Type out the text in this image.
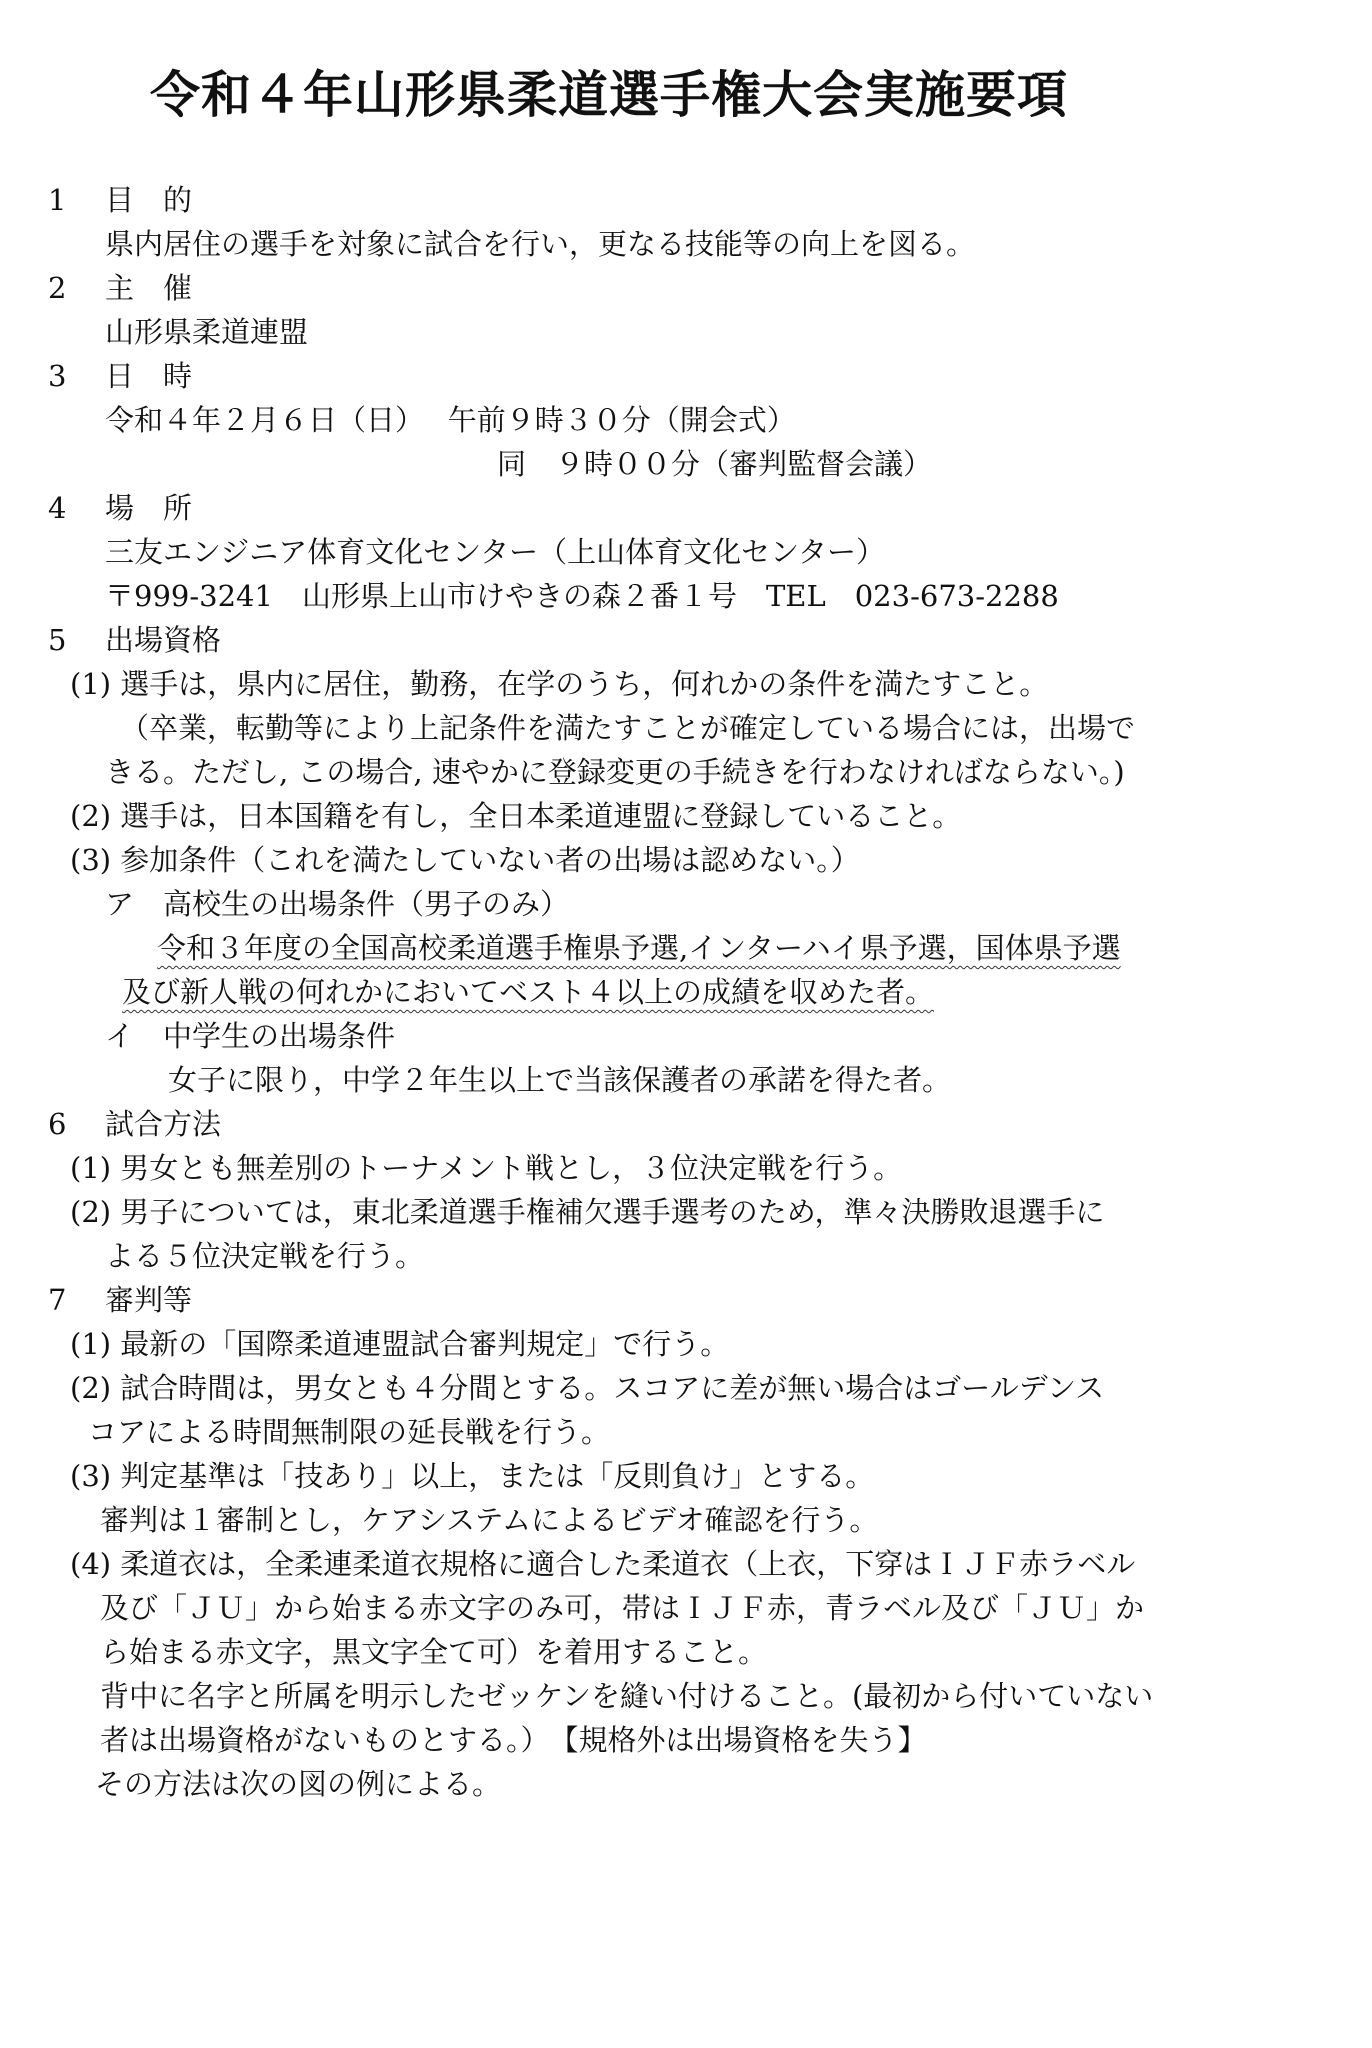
令和４年山形県柔道選手権大会実施要項
1 目　的
県内居住の選手を対象に試合を行い，更なる技能等の向上を図る。
2 主　催
山形県柔道連盟
3 日　時
令和４年２月６日（日）　 午前９時３０分（開会式）
同　９時００分（審判監督会議）
4 場　所
三友エンジニア体育文化センター（上山体育文化センター）
〒999-3241　山形県上山市けやきの森２番１号　TEL　023-673-2288
5 出場資格
(1) 選手は，県内に居住，勤務，在学のうち，何れかの条件を満たすこと。
（卒業，転勤等により上記条件を満たすことが確定している場合には，出場で
きる。ただし, この場合, 速やかに登録変更の手続きを行わなければならない。)
(2) 選手は，日本国籍を有し，全日本柔道連盟に登録していること。
(3) 参加条件（これを満たしていない者の出場は認めない。）
ア　高校生の出場条件（男子のみ）
令和３年度の全国高校柔道選手権県予選,インターハイ県予選，国体県予選
及び新人戦の何れかにおいてベスト４以上の成績を収めた者。
イ　中学生の出場条件
女子に限り，中学２年生以上で当該保護者の承諾を得た者。
6 試合方法
(1) 男女とも無差別のトーナメント戦とし，３位決定戦を行う。
(2) 男子については，東北柔道選手権補欠選手選考のため，準々決勝敗退選手に
よる５位決定戦を行う。
7 審判等
(1) 最新の「国際柔道連盟試合審判規定」で行う。
(2) 試合時間は，男女とも４分間とする。スコアに差が無い場合はゴールデンス
コアによる時間無制限の延長戦を行う。
(3) 判定基準は「技あり」以上，または「反則負け」とする。
審判は１審制とし，ケアシステムによるビデオ確認を行う。
(4) 柔道衣は，全柔連柔道衣規格に適合した柔道衣（上衣，下穿はＩＪＦ赤ラベル
及び「ＪＵ」から始まる赤文字のみ可，帯はＩＪＦ赤，青ラベル及び「ＪＵ」か
ら始まる赤文字，黒文字全て可）を着用すること。
背中に名字と所属を明示したゼッケンを縫い付けること。(最初から付いていない
者は出場資格がないものとする。）　【規格外は出場資格を失う】
その方法は次の図の例による。
